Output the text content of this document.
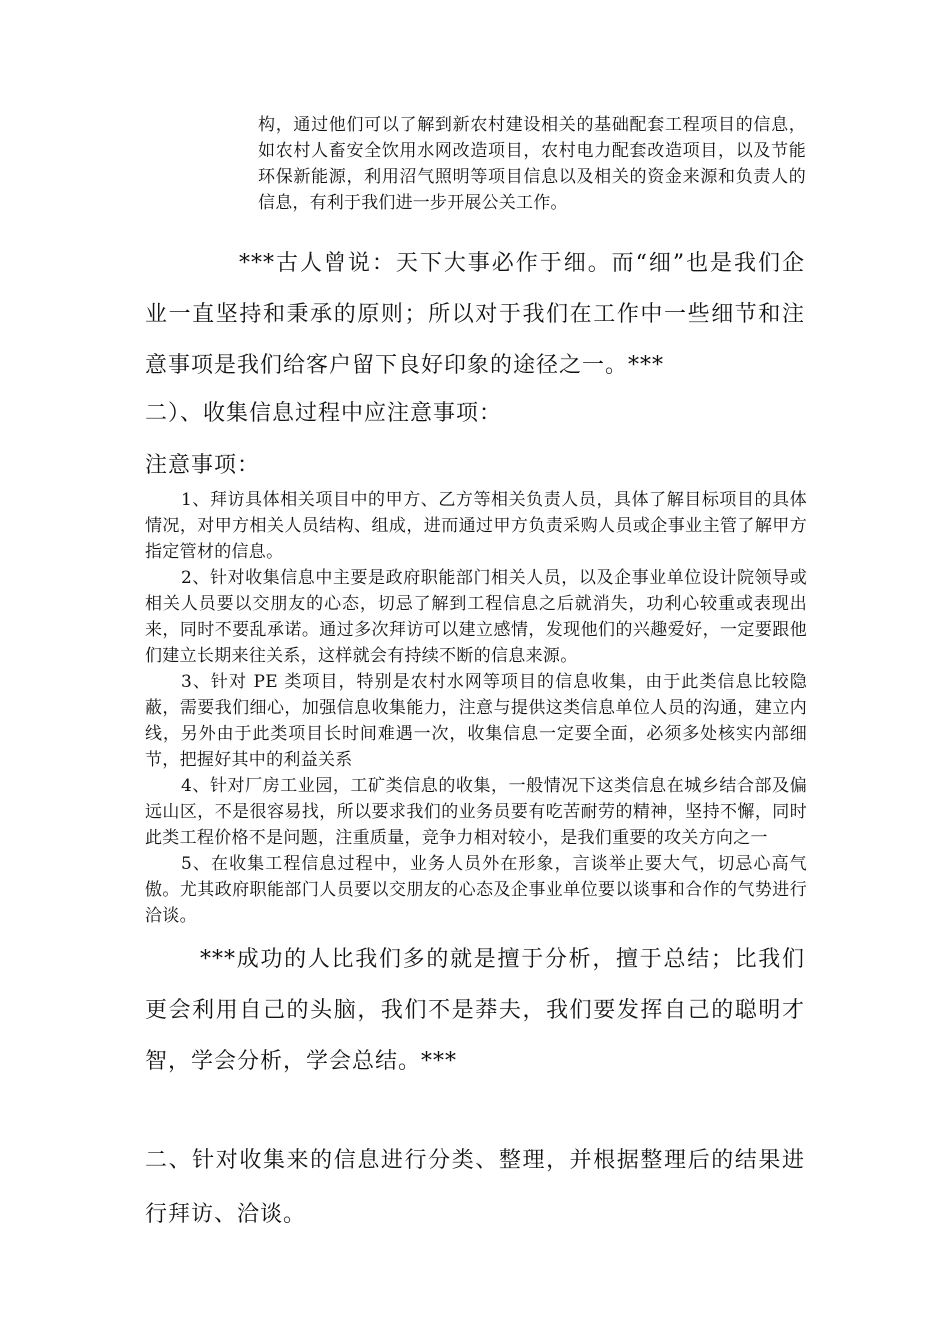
构，通过他们可以了解到新农村建设相关的基础配套工程项目的信息，如农村人畜安全饮用水网改造项目，农村电力配套改造项目，以及节能环保新能源，利用沼气照明等项目信息以及相关的资金来源和负责人的信息，有利于我们进一步开展公关工作。

***古人曾说：天下大事必作于细。而“细”也是我们企业一直坚持和秉承的原则；所以对于我们在工作中一些细节和注意事项是我们给客户留下良好印象的途径之一。***

二）、收集信息过程中应注意事项：
注意事项：

1、拜访具体相关项目中的甲方、乙方等相关负责人员，具体了解目标项目的具体情况，对甲方相关人员结构、组成，进而通过甲方负责采购人员或企事业主管了解甲方指定管材的信息。

2、针对收集信息中主要是政府职能部门相关人员，以及企事业单位设计院领导或相关人员要以交朋友的心态，切忌了解到工程信息之后就消失，功利心较重或表现出来，同时不要乱承诺。通过多次拜访可以建立感情，发现他们的兴趣爱好，一定要跟他们建立长期来往关系，这样就会有持续不断的信息来源。

3、针对 PE 类项目，特别是农村水网等项目的信息收集，由于此类信息比较隐蔽，需要我们细心，加强信息收集能力，注意与提供这类信息单位人员的沟通，建立内线，另外由于此类项目长时间难遇一次，收集信息一定要全面，必须多处核实内部细节，把握好其中的利益关系

4、针对厂房工业园，工矿类信息的收集，一般情况下这类信息在城乡结合部及偏远山区，不是很容易找，所以要求我们的业务员要有吃苦耐劳的精神，坚持不懈，同时此类工程价格不是问题，注重质量，竞争力相对较小，是我们重要的攻关方向之一

5、在收集工程信息过程中，业务人员外在形象，言谈举止要大气，切忌心高气傲。尤其政府职能部门人员要以交朋友的心态及企事业单位要以谈事和合作的气势进行洽谈。

***成功的人比我们多的就是擅于分析，擅于总结；比我们更会利用自己的头脑，我们不是莽夫，我们要发挥自己的聪明才智，学会分析，学会总结。***

二、针对收集来的信息进行分类、整理，并根据整理后的结果进行拜访、洽谈。
